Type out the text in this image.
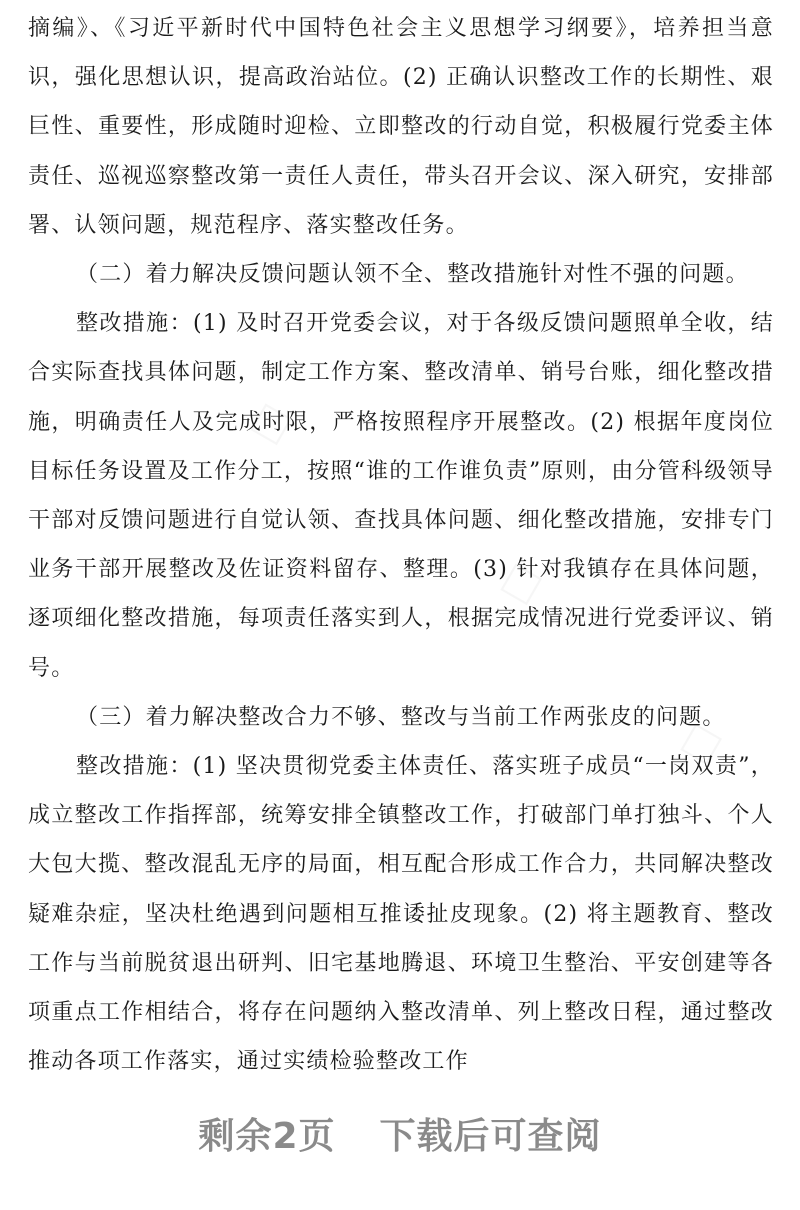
摘编》、《习近平新时代中国特色社会主义思想学习纲要》，培养担当意识，强化思想认识，提高政治站位。(2) 正确认识整改工作的长期性、艰巨性、重要性，形成随时迎检、立即整改的行动自觉，积极履行党委主体责任、巡视巡察整改第一责任人责任，带头召开会议、深入研究，安排部署、认领问题，规范程序、落实整改任务。

（二）着力解决反馈问题认领不全、整改措施针对性不强的问题。

整改措施：(1) 及时召开党委会议，对于各级反馈问题照单全收，结合实际查找具体问题，制定工作方案、整改清单、销号台账，细化整改措施，明确责任人及完成时限，严格按照程序开展整改。(2) 根据年度岗位目标任务设置及工作分工，按照“谁的工作谁负责”原则，由分管科级领导干部对反馈问题进行自觉认领、查找具体问题、细化整改措施，安排专门业务干部开展整改及佐证资料留存、整理。(3) 针对我镇存在具体问题，逐项细化整改措施，每项责任落实到人，根据完成情况进行党委评议、销号。

（三）着力解决整改合力不够、整改与当前工作两张皮的问题。

整改措施：(1) 坚决贯彻党委主体责任、落实班子成员“一岗双责”，成立整改工作指挥部，统筹安排全镇整改工作，打破部门单打独斗、个人大包大揽、整改混乱无序的局面，相互配合形成工作合力，共同解决整改疑难杂症，坚决杜绝遇到问题相互推诿扯皮现象。(2) 将主题教育、整改工作与当前脱贫退出研判、旧宅基地腾退、环境卫生整治、平安创建等各项重点工作相结合，将存在问题纳入整改清单、列上整改日程，通过整改推动各项工作落实，通过实绩检验整改工作

剩余2页 下载后可查阅
